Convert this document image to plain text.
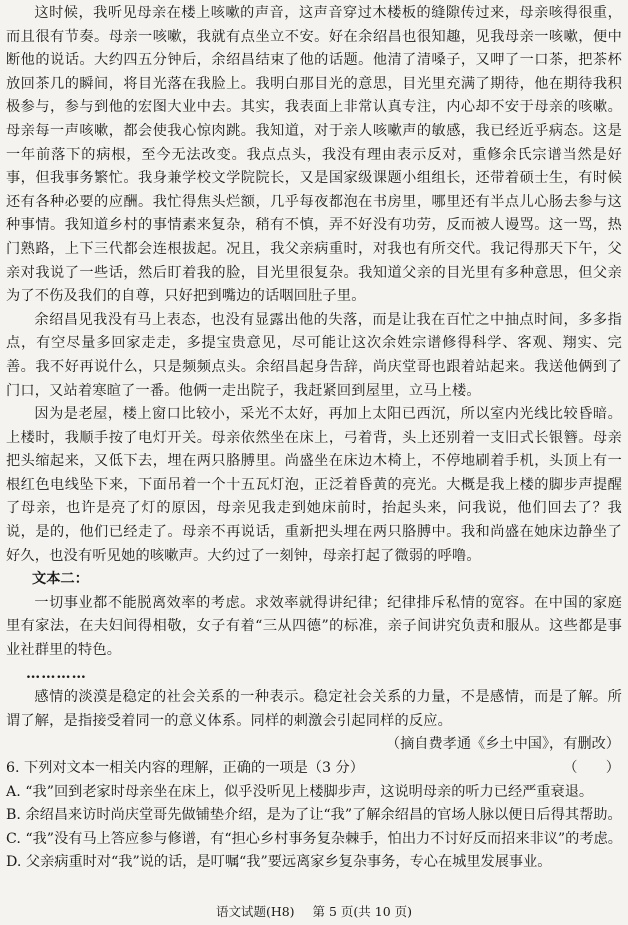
这时候，我听见母亲在楼上咳嗽的声音，这声音穿过木楼板的缝隙传过来，母亲咳得很重，而且很有节奏。母亲一咳嗽，我就有点坐立不安。好在余绍昌也很知趣，见我母亲一咳嗽，便中断他的说话。大约四五分钟后，余绍昌结束了他的话题。他清了清嗓子，又呷了一口茶，把茶杯放回茶几的瞬间，将目光落在我脸上。我明白那目光的意思，目光里充满了期待，他在期待我积极参与，参与到他的宏图大业中去。其实，我表面上非常认真专注，内心却不安于母亲的咳嗽。母亲每一声咳嗽，都会使我心惊肉跳。我知道，对于亲人咳嗽声的敏感，我已经近乎病态。这是一年前落下的病根，至今无法改变。我点点头，我没有理由表示反对，重修余氏宗谱当然是好事，但我事务繁忙。我身兼学校文学院院长，又是国家级课题小组组长，还带着硕士生，有时候还有各种必要的应酬。我忙得焦头烂额，几乎每夜都泡在书房里，哪里还有半点儿心肠去参与这种事情。我知道乡村的事情素来复杂，稍有不慎，弄不好没有功劳，反而被人谩骂。这一骂，热门熟路，上下三代都会连根拔起。况且，我父亲病重时，对我也有所交代。我记得那天下午，父亲对我说了一些话，然后盯着我的脸，目光里很复杂。我知道父亲的目光里有多种意思，但父亲为了不伤及我们的自尊，只好把到嘴边的话咽回肚子里。

余绍昌见我没有马上表态，也没有显露出他的失落，而是让我在百忙之中抽点时间，多多指点，有空尽量多回家走走，多提宝贵意见，尽可能让这次余姓宗谱修得科学、客观、翔实、完善。我不好再说什么，只是频频点头。余绍昌起身告辞，尚庆堂哥也跟着站起来。我送他俩到了门口，又站着寒暄了一番。他俩一走出院子，我赶紧回到屋里，立马上楼。

因为是老屋，楼上窗口比较小，采光不太好，再加上太阳已西沉，所以室内光线比较昏暗。上楼时，我顺手按了电灯开关。母亲依然坐在床上，弓着背，头上还别着一支旧式长银簪。母亲把头缩起来，又低下去，埋在两只胳膊里。尚盛坐在床边木椅上，不停地刷着手机，头顶上有一根红色电线坠下来，下面吊着一个十五瓦灯泡，正泛着昏黄的亮光。大概是我上楼的脚步声提醒了母亲，也许是亮了灯的原因，母亲见我走到她床前时，抬起头来，问我说，他们回去了？我说，是的，他们已经走了。母亲不再说话，重新把头埋在两只胳膊中。我和尚盛在她床边静坐了好久，也没有听见她的咳嗽声。大约过了一刻钟，母亲打起了微弱的呼噜。

文本二：

一切事业都不能脱离效率的考虑。求效率就得讲纪律；纪律排斥私情的宽容。在中国的家庭里有家法，在夫妇间得相敬，女子有着“三从四德”的标准，亲子间讲究负责和服从。这些都是事业社群里的特色。

…………

感情的淡漠是稳定的社会关系的一种表示。稳定社会关系的力量，不是感情，而是了解。所谓了解，是指接受着同一的意义体系。同样的刺激会引起同样的反应。

（摘自费孝通《乡土中国》，有删改）
6. 下列对文本一相关内容的理解，正确的一项是（3 分）	（　　）
A. “我”回到老家时母亲坐在床上，似乎没听见上楼脚步声，这说明母亲的听力已经严重衰退。
B. 余绍昌来访时尚庆堂哥先做铺垫介绍，是为了让“我”了解余绍昌的官场人脉以便日后得其帮助。
C. “我”没有马上答应参与修谱，有“担心乡村事务复杂棘手，怕出力不讨好反而招来非议”的考虑。
D. 父亲病重时对“我”说的话，是叮嘱“我”要远离家乡复杂事务，专心在城里发展事业。
语文试题(H8) 第 5 页(共 10 页)
